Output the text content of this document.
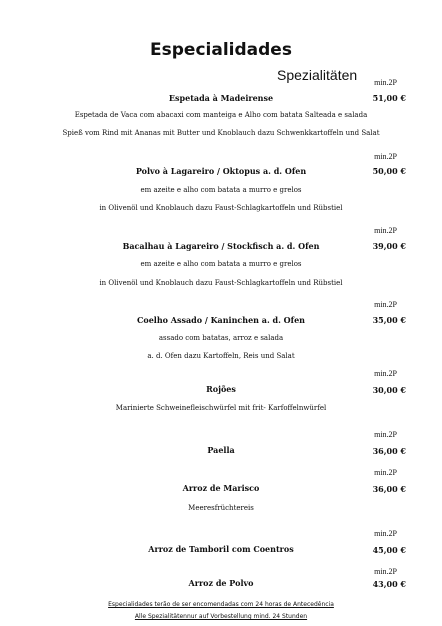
Especialidades
Spezialitäten min.2P
Espetada à Madeirense	51,00 €
Espetada de Vaca com abacaxi com manteiga e Alho com batata Salteada e salada
Spieß vom Rind mit Ananas mit Butter und Knoblauch dazu Schwenkkartoffeln und Salat
min.2P
Polvo à Lagareiro / Oktopus a. d. Ofen	50,00 €
em azeite e alho com batata a murro e grelos
in Olivenöl und Knoblauch dazu Faust-Schlagkartoffeln und Rübstiel
min.2P
Bacalhau à Lagareiro / Stockfisch a. d. Ofen	39,00 €
em azeite e alho com batata a murro e grelos
in Olivenöl und Knoblauch dazu Faust-Schlagkartoffeln und Rübstiel
min.2P
Coelho Assado / Kaninchen a. d. Ofen	35,00 €
assado com batatas, arroz e salada
a. d. Ofen dazu Kartoffeln, Reis und Salat
min.2P
Rojões	30,00 €
Marinierte Schweinefleischwürfel mit frit- Karfoffelnwürfel
min.2P
Paella	36,00 €
min.2P
Arroz de Marisco	36,00 €
Meeresfrüchtereis
min.2P
Arroz de Tamboril com Coentros	45,00 €
min.2P
Arroz de Polvo	43,00 €
Especialidades terão de ser encomendadas com 24 horas de Antecedência
Alle Spezialitätennur auf Vorbestellung mind. 24 Stunden
